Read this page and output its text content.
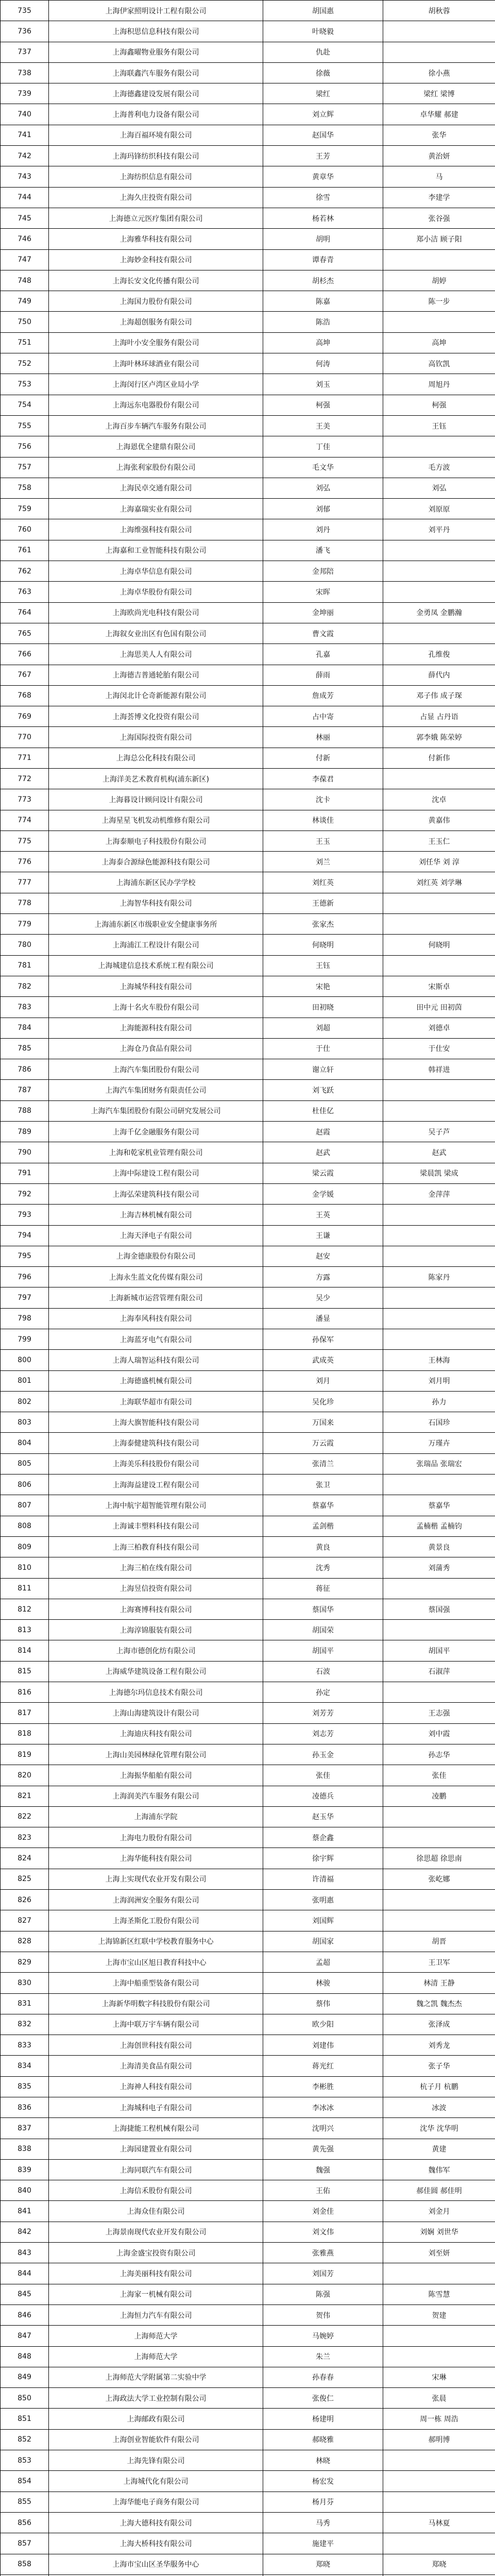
735	上海伊家照明设计工程有限公司	胡国惠	胡秋蓉
736	上海积思信息科技有限公司	叶晓毅	
737	上海鑫曜物业服务有限公司	仇赴	
738	上海联鑫汽车服务有限公司	徐薇	徐小燕
739	上海德鑫建设发展有限公司	梁红	梁红 梁博
740	上海普利电力设备有限公司	刘立辉	卓华耀 郝建
741	上海百福环境有限公司	赵国华	张华
742	上海玛锋纺织科技有限公司	王芳	黄治妍
743	上海纺织信息有限公司	黄章华	马
744	上海久庄投资有限公司	徐雪	李建学
745	上海德立元医疗集团有限公司	杨若林	张谷强
746	上海雅华科技有限公司	胡明	郑小洁 顾子阳
747	上海妙金科技有限公司	谭春青	
748	上海长安文化传播有限公司	胡杉杰	胡婷
749	上海国力股份有限公司	陈嘉	陈一步
750	上海超创服务有限公司	陈浩	
751	上海叶小安全服务有限公司	高坤	高坤
752	上海叶林环球酒业有限公司	何涛	高钦凯
753	上海闵行区卢湾区业局小学	刘玉	周旭丹
754	上海远东电器股份有限公司	柯强	柯强
755	上海百步车辆汽车服务有限公司	王美	王钰
756	上海恩优全建鼎有限公司	丁佳	
757	上海张利家股份有限公司	毛文华	毛方波
758	上海民卓交通有限公司	刘弘	刘弘
759	上海嘉瑞实业有限公司	刘郁	刘原原
760	上海维强科技有限公司	刘丹	刘平丹
761	上海嘉和工业智能科技有限公司	潘飞	
762	上海卓华信息有限公司	金邦陪	
763	上海卓华股份有限公司	宋晖	
764	上海欧尚光电科技有限公司	金坤丽	金勇凤 金鹏瀚
765	上海叙女业出区有色国有限公司	曹文霞	
766	上海思美人人有限公司	孔嘉	孔维俊
767	上海德吉普通轮胎有限公司	薛雨	薛代内
768	上海闵北计仑奇新能源有限公司	詹成芳	邓子伟 成子琛
769	上海荟博文化投资有限公司	占中寄	占显 占丹语
770	上海国际投资有限公司	林丽	郭李娥 陈荣婷
771	上海总公化科技有限公司	付新	付新伟
772	上海洋美艺术教育机构(浦东新区)	李葆君	
773	上海暮设计顾问设计有限公司	沈卡	沈卓
774	上海星星飞机发动机维修有限公司	林谈佳	黄嘉伟
775	上海泰顺电子科技股份有限公司	王玉	王玉仁
776	上海泰合源绿色能源科技有限公司	刘兰	刘任华 刘 淳
777	上海浦东新区民办学学校	刘红英	刘红英 刘学琳
778	上海智华科技有限公司	王德新	
779	上海浦东新区市级职业安全健康事务所	张家杰	
780	上海浦江工程设计有限公司	何晓明	何晓明
781	上海城建信息技术系统工程有限公司	王钰	
782	上海城华科技有限公司	宋艳	宋斯卓
783	上海十名火车股份有限公司	田初晓	田中元 田初茵
784	上海能源科技有限公司	刘超	刘德卓
785	上海仓乃食品有限公司	于仕	于仕安
786	上海汽车集团股份有限公司	谢立轩	韩祥进
787	上海汽车集团财务有限责任公司	刘飞跃	
788	上海汽车集团股份有限公司研究发展公司	杜佳亿	
789	上海千亿金融服务有限公司	赵霞	吴子芦
790	上海和乾家机业管理有限公司	赵武	赵武
791	上海中际建设工程有限公司	梁云霞	梁晨凯 梁成
792	上海弘荣建筑科技有限公司	金学媛	金萍萍
793	上海吉林机械有限公司	王英	
794	上海天泽电子有限公司	王谦	
795	上海金德康股份有限公司	赵安	
796	上海永生蓝文化传媒有限公司	方露	陈家丹
797	上海新城市运营管理有限公司	吴少	
798	上海奉风科技有限公司	潘显	
799	上海蓝牙电气有限公司	孙保军	
800	上海人瑞智运科技有限公司	武成英	王林海
801	上海德盛机械有限公司	刘月	刘月明
802	上海联华超市有限公司	吴化珍	孙力
803	上海大旗智能科技有限公司	万国来	石国珍
804	上海泰健建筑科技有限公司	万云霞	万瑾卉
805	上海美乐科技股份有限公司	张清兰	张瑞品 张瑞宏
806	上海海益建设工程有限公司	张卫	
807	上海中航宇超智能管理有限公司	蔡嘉华	蔡嘉华
808	上海诚丰塑料科技有限公司	孟剑楷	孟楠楷 孟楠钧
809	上海三柏教育科技有限公司	黄良	黄景良
810	上海三柏在线有限公司	沈秀	刘蒲秀
811	上海昱信投资有限公司	蒋征	
812	上海赛博科技有限公司	蔡国华	蔡国强
813	上海淳锦服装有限公司	胡国荣	
814	上海市德创化纺有限公司	胡国平	胡国平
815	上海威华建筑设备工程有限公司	石波	石淑萍
816	上海德尔玛信息技术有限公司	孙定	
817	上海山海建筑设计有限公司	刘芳芳	王志强
818	上海迪庆科技有限公司	刘志芳	刘中霞
819	上海山美园林绿化管理有限公司	孙玉金	孙志华
820	上海振华船舶有限公司	张佳	张佳
821	上海润美汽车服务有限公司	凌德兵	凌鹏
822	上海浦东学院	赵玉华	
823	上海电力股份有限公司	蔡企鑫	
824	上海华能科技有限公司	徐宇辉	徐思超 徐思南
825	上海上实现代农业开发有限公司	许清福	张屹娜
826	上海润洲安全服务有限公司	张明惠	
827	上海圣斯化工股份有限公司	刘国辉	
828	上海锦新区红联中学校教育服务中心	胡国家	胡晋
829	上海市宝山区旭日教育科技中心	孟超	王卫军
830	上海中船重型装备有限公司	林骏	林清 王静
831	上海新华明数字科技股份有限公司	蔡伟	魏之凯 魏杰杰
832	上海中联万宇车辆有限公司	欧少阳	张泽成
833	上海创世科技有限公司	刘建伟	刘秀龙
834	上海清美食品有限公司	蒋光红	张子华
835	上海神人科技有限公司	李彬胜	杭子月 杭鹏
836	上海城科电子有限公司	李冰冰	冰波
837	上海捷能工程机械有限公司	沈明兴	沈华 沈华明
838	上海园建置业有限公司	黄先强	黄建
839	上海同联汽车有限公司	魏强	魏伟军
840	上海信禾股份有限公司	王佑	郝佳圆 郝佳明
841	上海众佳有限公司	刘金佳	刘金月
842	上海景南现代农业开发有限公司	刘文伟	刘娴 刘世华
843	上海金盛宝投资有限公司	张雅燕	刘至妍
844	上海美丽科技有限公司	刘国芳	
845	上海家一机械有限公司	陈强	陈雪慧
846	上海恒力汽车有限公司	贺伟	贺建
847	上海师范大学	马婉婷	
848	上海师范大学	朱兰	
849	上海师范大学附属第二实验中学	孙春春	宋琳
850	上海政法大学工业控制有限公司	张俊仁	张晨
851	上海邮政有限公司	杨建明	周一栋 周浩
852	上海创业智能软件有限公司	郝晓雅	郝明博
853	上海先锋有限公司	林晓	
854	上海城代化有限公司	杨宏发	
855	上海华能电子商务有限公司	杨月芬	
856	上海大德科技有限公司	马秀	马林夏
857	上海大桥科技有限公司	施建平	
858	上海市宝山区圣华服务中心	郑晓	郑晓
